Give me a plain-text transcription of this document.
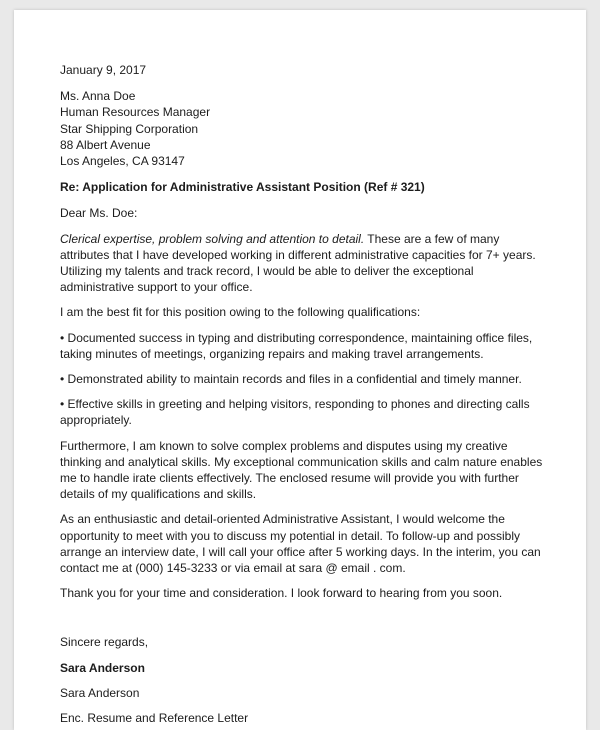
January 9, 2017

Ms. Anna Doe

Human Resources Manager

Star Shipping Corporation

88 Albert Avenue

Los Angeles, CA 93147

Re: Application for Administrative Assistant Position (Ref # 321)

Dear Ms. Doe:

Clerical expertise, problem solving and attention to detail. These are a few of many attributes that I have developed working in different administrative capacities for 7+ years. Utilizing my talents and track record, I would be able to deliver the exceptional administrative support to your office.

I am the best fit for this position owing to the following qualifications:

• Documented success in typing and distributing correspondence, maintaining office files, taking minutes of meetings, organizing repairs and making travel arrangements.

• Demonstrated ability to maintain records and files in a confidential and timely manner.

• Effective skills in greeting and helping visitors, responding to phones and directing calls appropriately.

Furthermore, I am known to solve complex problems and disputes using my creative thinking and analytical skills. My exceptional communication skills and calm nature enables me to handle irate clients effectively. The enclosed resume will provide you with further details of my qualifications and skills.

As an enthusiastic and detail-oriented Administrative Assistant, I would welcome the opportunity to meet with you to discuss my potential in detail. To follow-up and possibly arrange an interview date, I will call your office after 5 working days. In the interim, you can contact me at (000) 145-3233 or via email at sara @ email . com.

Thank you for your time and consideration. I look forward to hearing from you soon.

Sincere regards,

Sara Anderson

Sara Anderson

Enc. Resume and Reference Letter
